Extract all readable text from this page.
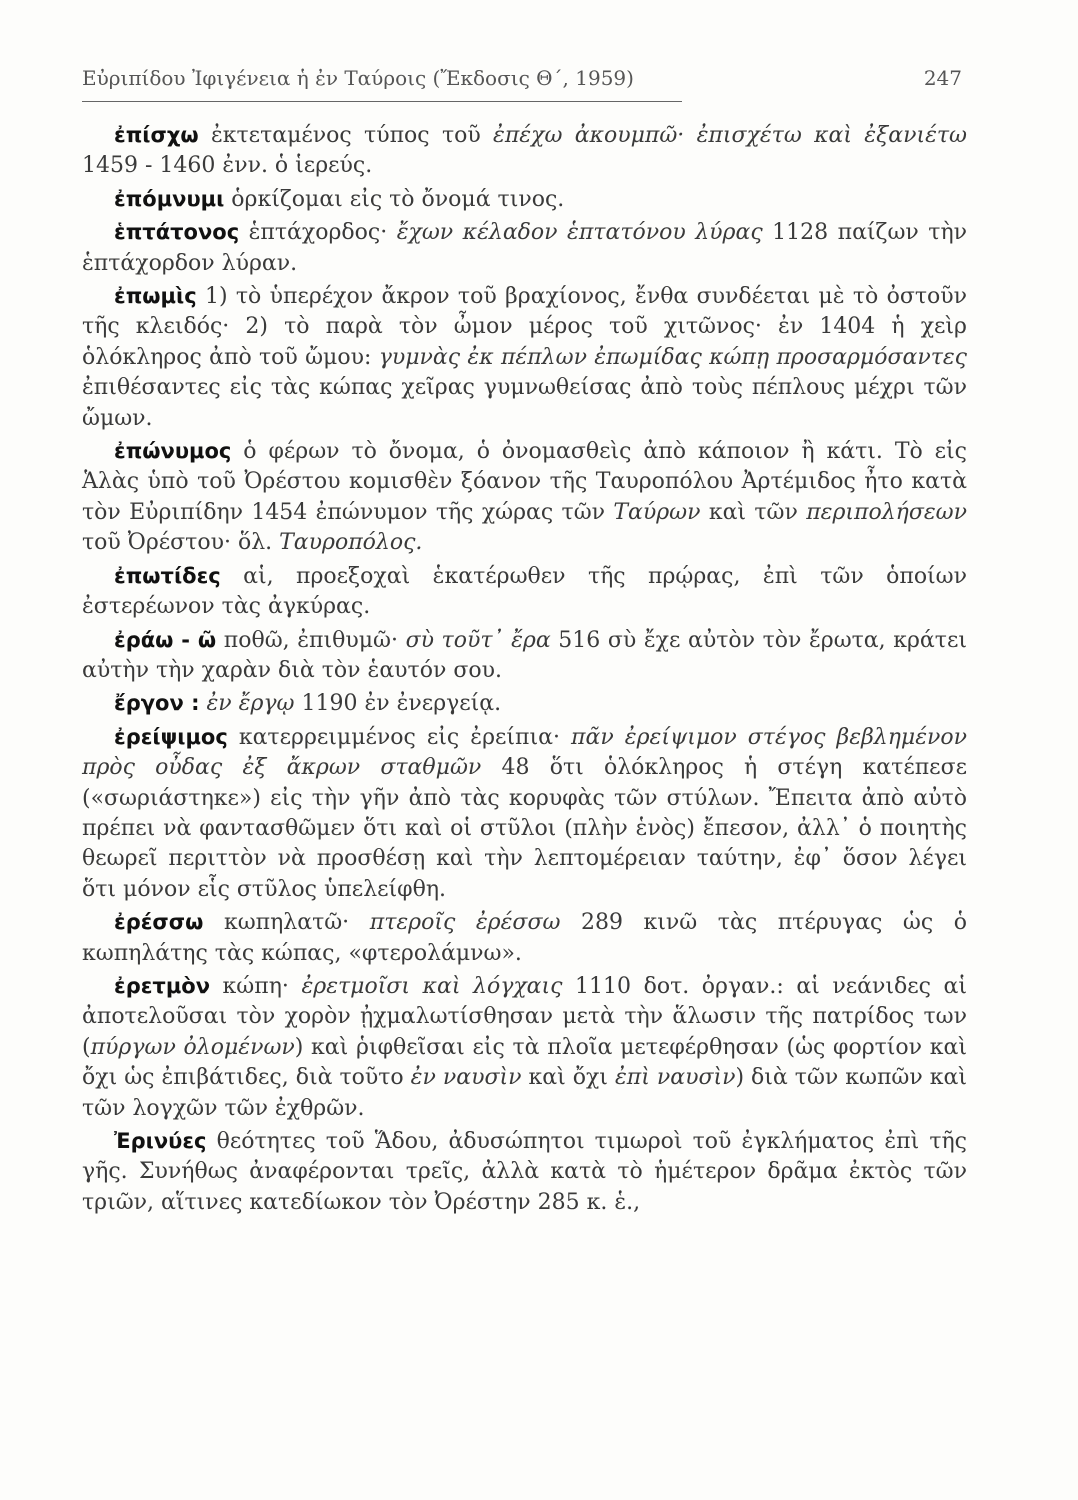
Εὐριπίδου Ἰφιγένεια ἡ ἐν Ταύροις (Ἔκδοσις Θ΄, 1959)	247

ἐπίσχω ἐκτεταμένος τύπος τοῦ ἐπέχω ἀκουμπῶ· ἐπισχέτω καὶ ἐξανιέτω 1459 - 1460 ἐνν. ὁ ἱερεύς.

ἐπόμνυμι ὁρκίζομαι εἰς τὸ ὄνομά τινος.

ἑπτάτονος ἑπτάχορδος· ἔχων κέλαδον ἑπτατόνου λύρας 1128 παίζων τὴν ἑπτάχορδον λύραν.

ἐπωμὶς 1) τὸ ὑπερέχον ἄκρον τοῦ βραχίονος, ἔνθα συνδέεται μὲ τὸ ὀστοῦν τῆς κλειδός· 2) τὸ παρὰ τὸν ὦμον μέρος τοῦ χιτῶνος· ἐν 1404 ἡ χεὶρ ὁλόκληρος ἀπὸ τοῦ ὤμου: γυμνὰς ἐκ πέπλων ἐπωμίδας κώπῃ προσαρμόσαντες ἐπιθέσαντες εἰς τὰς κώπας χεῖρας γυμνωθείσας ἀπὸ τοὺς πέπλους μέχρι τῶν ὤμων.

ἐπώνυμος ὁ φέρων τὸ ὄνομα, ὁ ὀνομασθεὶς ἀπὸ κάποιον ἢ κάτι. Τὸ εἰς Ἁλὰς ὑπὸ τοῦ Ὀρέστου κομισθὲν ξόανον τῆς Ταυροπόλου Ἀρτέμιδος ἦτο κατὰ τὸν Εὐριπίδην 1454 ἐπώνυμον τῆς χώρας τῶν Ταύρων καὶ τῶν περιπολήσεων τοῦ Ὀρέστου· ὅλ. Ταυροπόλος.

ἐπωτίδες αἱ, προεξοχαὶ ἑκατέρωθεν τῆς πρῴρας, ἐπὶ τῶν ὁποίων ἐστερέωνον τὰς ἀγκύρας.

ἐράω - ῶ ποθῶ, ἐπιθυμῶ· σὺ τοῦτ᾽ ἔρα 516 σὺ ἔχε αὐτὸν τὸν ἔρωτα, κράτει αὐτὴν τὴν χαρὰν διὰ τὸν ἑαυτόν σου.

ἔργον : ἐν ἔργῳ 1190 ἐν ἐνεργείᾳ.

ἐρείψιμος κατερρειμμένος εἰς ἐρείπια· πᾶν ἐρείψιμον στέγος βεβλημένον πρὸς οὖδας ἐξ ἄκρων σταθμῶν 48 ὅτι ὁλόκληρος ἡ στέγη κατέπεσε («σωριάστηκε») εἰς τὴν γῆν ἀπὸ τὰς κορυφὰς τῶν στύλων. Ἔπειτα ἀπὸ αὐτὸ πρέπει νὰ φαντασθῶμεν ὅτι καὶ οἱ στῦλοι (πλὴν ἑνὸς) ἔπεσον, ἀλλ᾽ ὁ ποιητὴς θεωρεῖ περιττὸν νὰ προσθέσῃ καὶ τὴν λεπτομέρειαν ταύτην, ἐφ᾽ ὅσον λέγει ὅτι μόνον εἷς στῦλος ὑπελείφθη.

ἐρέσσω κωπηλατῶ· πτεροῖς ἐρέσσω 289 κινῶ τὰς πτέρυγας ὡς ὁ κωπηλάτης τὰς κώπας, «φτερολάμνω».

ἐρετμὸν κώπη· ἐρετμοῖσι καὶ λόγχαις 1110 δοτ. ὀργαν.: αἱ νεάνιδες αἱ ἀποτελοῦσαι τὸν χορὸν ᾐχμαλωτίσθησαν μετὰ τὴν ἅλωσιν τῆς πατρίδος των (πύργων ὀλομένων) καὶ ῥιφθεῖσαι εἰς τὰ πλοῖα μετεφέρθησαν (ὡς φορτίον καὶ ὄχι ὡς ἐπιβάτιδες, διὰ τοῦτο ἐν ναυσὶν καὶ ὄχι ἐπὶ ναυσὶν) διὰ τῶν κωπῶν καὶ τῶν λογχῶν τῶν ἐχθρῶν.

Ἐρινύες θεότητες τοῦ Ἅδου, ἀδυσώπητοι τιμωροὶ τοῦ ἐγκλήματος ἐπὶ τῆς γῆς. Συνήθως ἀναφέρονται τρεῖς, ἀλλὰ κατὰ τὸ ἡμέτερον δρᾶμα ἐκτὸς τῶν τριῶν, αἵτινες κατεδίωκον τὸν Ὀρέστην 285 κ. ἑ.,
